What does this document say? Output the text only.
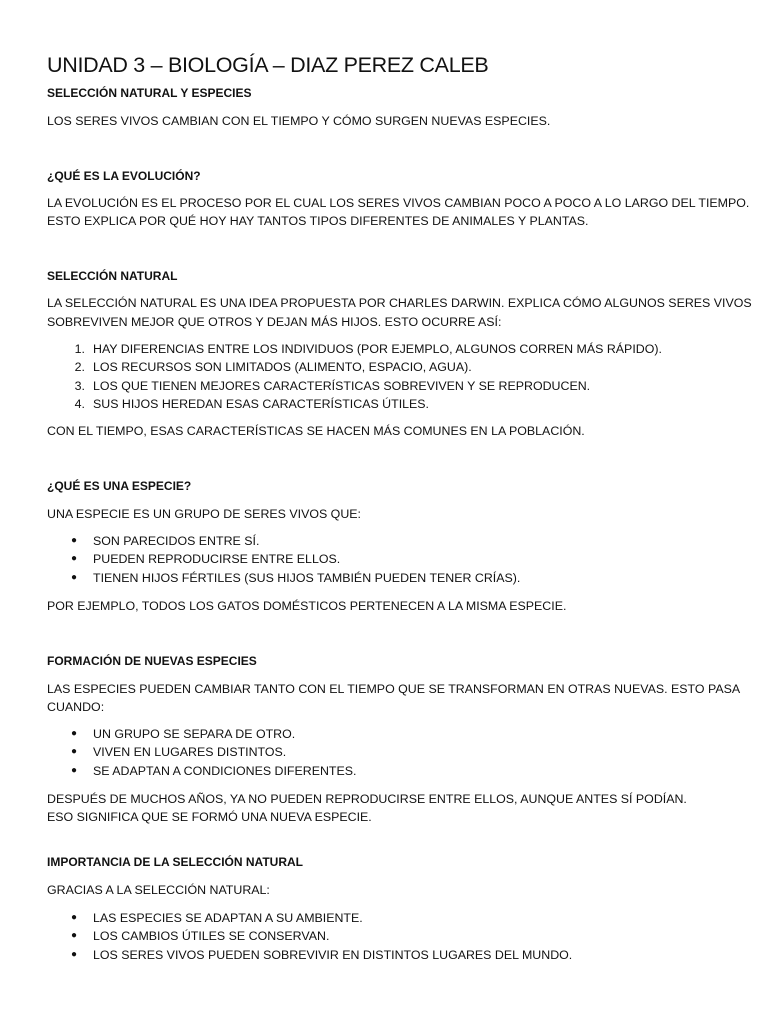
UNIDAD 3 – BIOLOGÍA – DIAZ PEREZ CALEB
SELECCIÓN NATURAL Y ESPECIES

LOS SERES VIVOS CAMBIAN CON EL TIEMPO Y CÓMO SURGEN NUEVAS ESPECIES.

¿QUÉ ES LA EVOLUCIÓN?

LA EVOLUCIÓN ES EL PROCESO POR EL CUAL LOS SERES VIVOS CAMBIAN POCO A POCO A LO LARGO DEL TIEMPO.

ESTO EXPLICA POR QUÉ HOY HAY TANTOS TIPOS DIFERENTES DE ANIMALES Y PLANTAS.

SELECCIÓN NATURAL

LA SELECCIÓN NATURAL ES UNA IDEA PROPUESTA POR CHARLES DARWIN. EXPLICA CÓMO ALGUNOS SERES VIVOS

SOBREVIVEN MEJOR QUE OTROS Y DEJAN MÁS HIJOS. ESTO OCURRE ASÍ:

1. HAY DIFERENCIAS ENTRE LOS INDIVIDUOS (POR EJEMPLO, ALGUNOS CORREN MÁS RÁPIDO).
2. LOS RECURSOS SON LIMITADOS (ALIMENTO, ESPACIO, AGUA).
3. LOS QUE TIENEN MEJORES CARACTERÍSTICAS SOBREVIVEN Y SE REPRODUCEN.
4. SUS HIJOS HEREDAN ESAS CARACTERÍSTICAS ÚTILES.

CON EL TIEMPO, ESAS CARACTERÍSTICAS SE HACEN MÁS COMUNES EN LA POBLACIÓN.

¿QUÉ ES UNA ESPECIE?

UNA ESPECIE ES UN GRUPO DE SERES VIVOS QUE:

● SON PARECIDOS ENTRE SÍ.
● PUEDEN REPRODUCIRSE ENTRE ELLOS.
● TIENEN HIJOS FÉRTILES (SUS HIJOS TAMBIÉN PUEDEN TENER CRÍAS).

POR EJEMPLO, TODOS LOS GATOS DOMÉSTICOS PERTENECEN A LA MISMA ESPECIE.

FORMACIÓN DE NUEVAS ESPECIES

LAS ESPECIES PUEDEN CAMBIAR TANTO CON EL TIEMPO QUE SE TRANSFORMAN EN OTRAS NUEVAS. ESTO PASA

CUANDO:

● UN GRUPO SE SEPARA DE OTRO.
● VIVEN EN LUGARES DISTINTOS.
● SE ADAPTAN A CONDICIONES DIFERENTES.

DESPUÉS DE MUCHOS AÑOS, YA NO PUEDEN REPRODUCIRSE ENTRE ELLOS, AUNQUE ANTES SÍ PODÍAN.

ESO SIGNIFICA QUE SE FORMÓ UNA NUEVA ESPECIE.

IMPORTANCIA DE LA SELECCIÓN NATURAL

GRACIAS A LA SELECCIÓN NATURAL:

● LAS ESPECIES SE ADAPTAN A SU AMBIENTE.
● LOS CAMBIOS ÚTILES SE CONSERVAN.
● LOS SERES VIVOS PUEDEN SOBREVIVIR EN DISTINTOS LUGARES DEL MUNDO.
